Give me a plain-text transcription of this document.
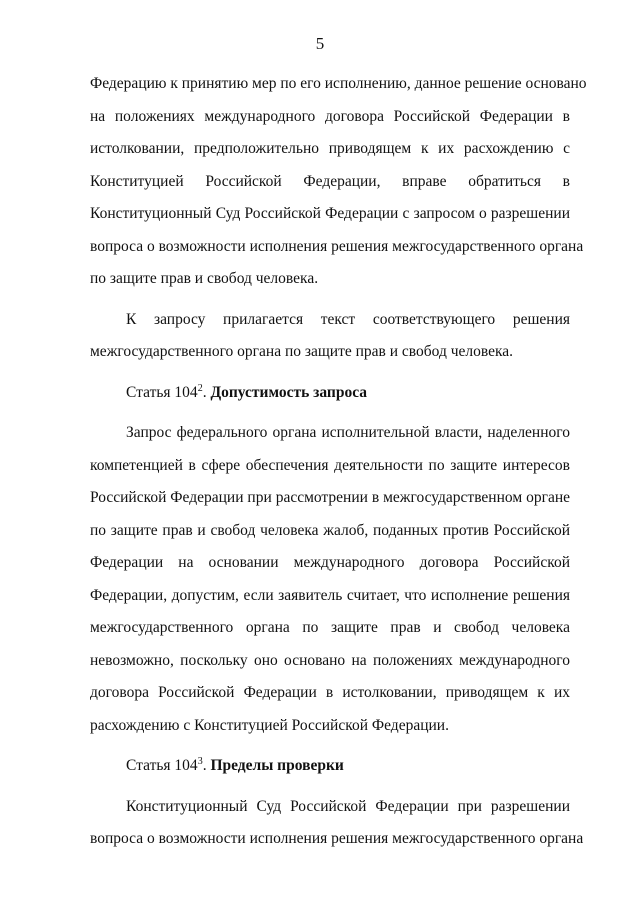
5
Федерацию к принятию мер по его исполнению, данное решение основано
на положениях международного договора Российской Федерации в
истолковании, предположительно приводящем к их расхождению с
Конституцией Российской Федерации, вправе обратиться в
Конституционный Суд Российской Федерации с запросом о разрешении
вопроса о возможности исполнения решения межгосударственного органа
по защите прав и свобод человека.
К запросу прилагается текст соответствующего решения
межгосударственного органа по защите прав и свобод человека.
Статья $104^2$. Допустимость запроса
Запрос федерального органа исполнительной власти, наделенного
компетенцией в сфере обеспечения деятельности по защите интересов
Российской Федерации при рассмотрении в межгосударственном органе
по защите прав и свобод человека жалоб, поданных против Российской
Федерации на основании международного договора Российской
Федерации, допустим, если заявитель считает, что исполнение решения
межгосударственного органа по защите прав и свобод человека
невозможно, поскольку оно основано на положениях международного
договора Российской Федерации в истолковании, приводящем к их
расхождению с Конституцией Российской Федерации.
Статья $104^3$. Пределы проверки
Конституционный Суд Российской Федерации при разрешении
вопроса о возможности исполнения решения межгосударственного органа
